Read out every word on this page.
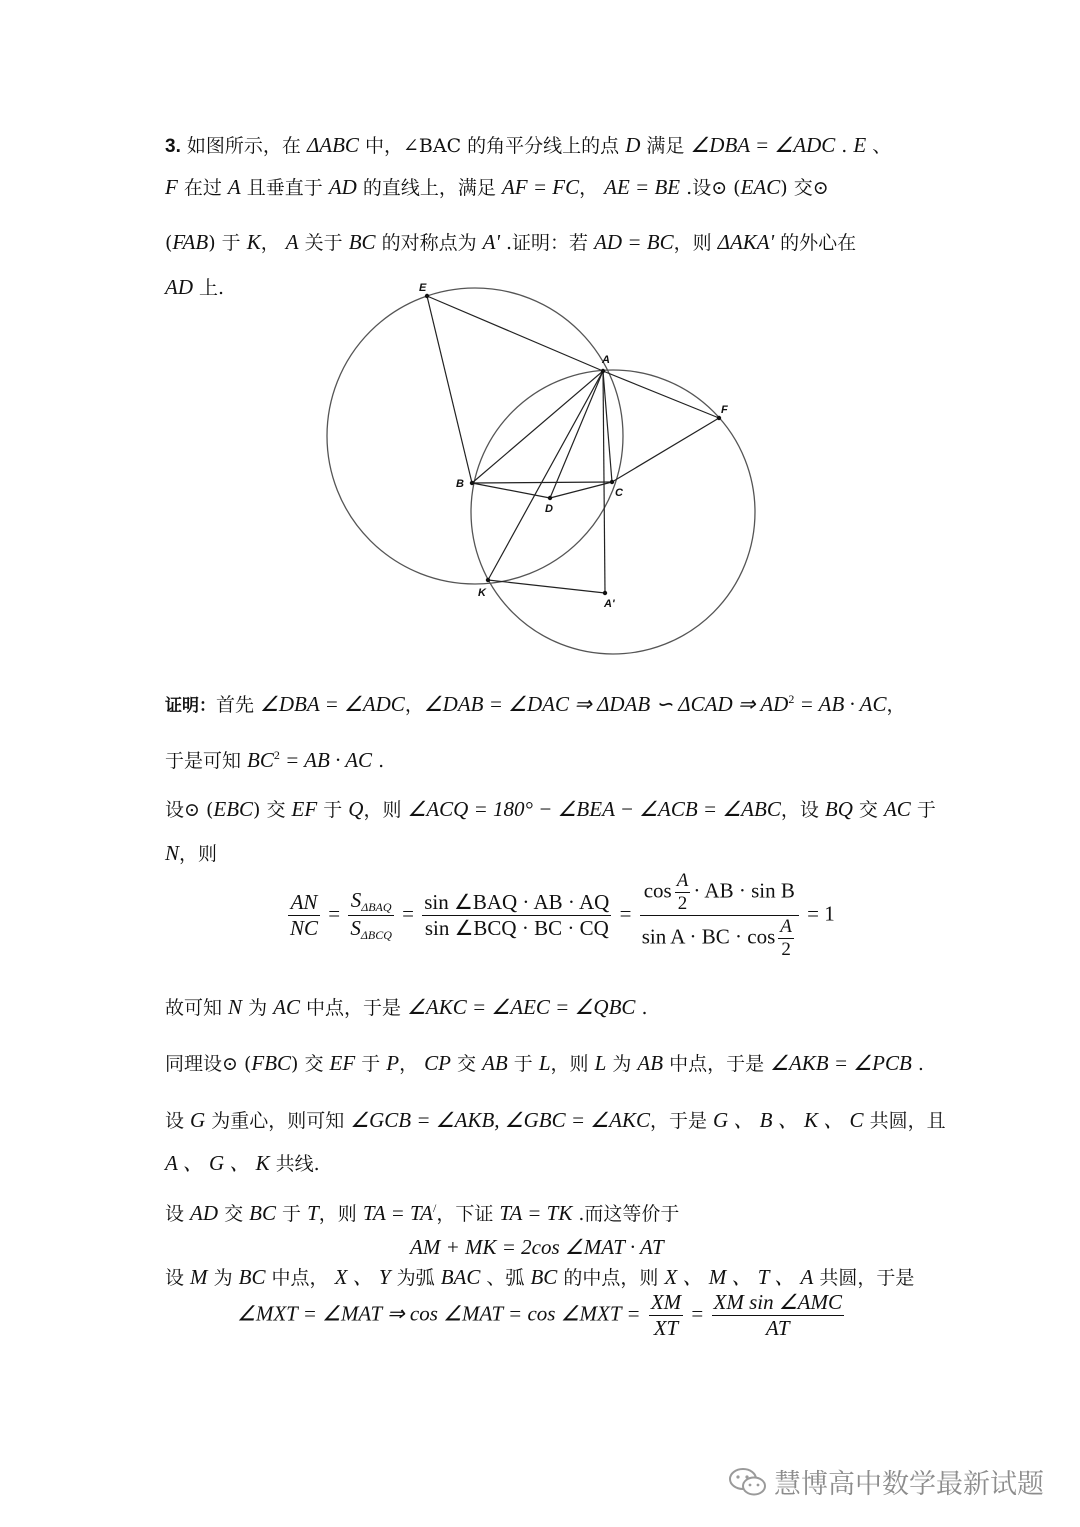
3. 如图所示，在 ΔABC 中，∠BAC 的角平分线上的点 D 满足 ∠DBA = ∠ADC . E 、
F 在过 A 且垂直于 AD 的直线上，满足 AF = FC， AE = BE .设⊙ (EAC) 交⊙
(FAB) 于 K， A 关于 BC 的对称点为 A' .证明：若 AD = BC，则 ΔAKA' 的外心在
AD 上.	E
A
F
B
C
D
K
A'
证明：首先 ∠DBA = ∠ADC，∠DAB = ∠DAC ⇒ ΔDAB ∽ ΔCAD ⇒ $AD^2$ = AB · AC，
于是可知 $BC^2$ = AB · AC .
设⊙ (EBC) 交 EF 于 Q，则 ∠ACQ = 180° − ∠BEA − ∠ACB = ∠ABC，设 BQ 交 AC 于
N，则
$\frac{AN}{NC} = \frac{S_{\Delta BAQ}}{S_{\Delta BCQ}} = \frac{\text{sin ∠BAQ · AB · AQ}}{\text{sin ∠BCQ · BC · CQ}} = \frac{\cos \frac{A}{2} \cdot AB \cdot \sin B}{\sin A \cdot BC \cdot \cos \frac{A}{2}} = 1$
故可知 N 为 AC 中点，于是 ∠AKC = ∠AEC = ∠QBC .
同理设⊙ (FBC) 交 EF 于 P， CP 交 AB 于 L，则 L 为 AB 中点，于是 ∠AKB = ∠PCB .
设 G 为重心，则可知 ∠GCB = ∠AKB, ∠GBC = ∠AKC，于是 G 、 B 、 K 、 C 共圆，且
A 、 G 、 K 共线.
设 AD 交 BC 于 T，则 TA = TA/，下证 TA = TK .而这等价于
AM + MK = 2cos ∠MAT · AT
设 M 为 BC 中点， X 、 Y 为弧 BAC 、弧 BC 的中点，则 X 、 M 、 T 、 A 共圆，于是
∠MXT = ∠MAT ⇒ cos ∠MAT = cos ∠MXT = $\frac{XM}{XT} = \frac{\text{XM sin ∠AMC}}{AT}$
慧博高中数学最新试题
